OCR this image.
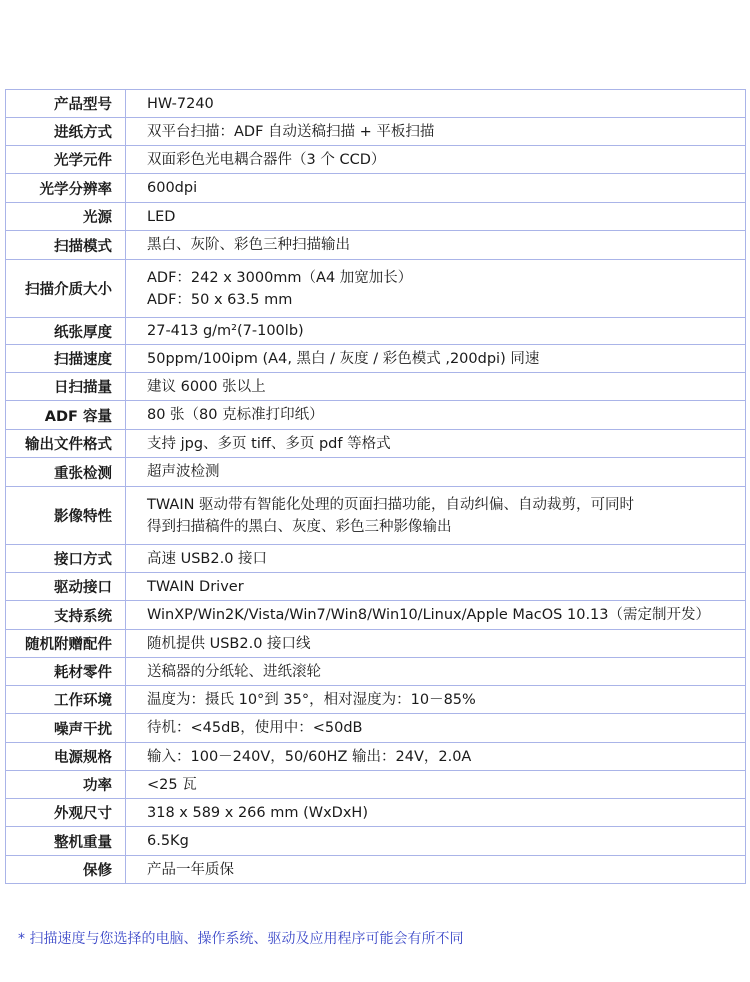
产品型号	HW-7240

进纸方式	双平台扫描：ADF 自动送稿扫描 + 平板扫描

光学元件	双面彩色光电耦合器件（3 个 CCD）

光学分辨率	600dpi

光源	LED

扫描模式	黑白、灰阶、彩色三种扫描输出

扫描介质大小	ADF：242 x 3000mm（A4 加宽加长）
ADF：50 x 63.5 mm

纸张厚度	27-413 g/m²(7-100lb)

扫描速度	50ppm/100ipm (A4, 黑白 / 灰度 / 彩色模式 ,200dpi) 同速

日扫描量	建议 6000 张以上

ADF 容量	80 张（80 克标准打印纸）

输出文件格式	支持 jpg、多页 tiff、多页 pdf 等格式

重张检测	超声波检测

影像特性	TWAIN 驱动带有智能化处理的页面扫描功能，自动纠偏、自动裁剪，可同时
得到扫描稿件的黑白、灰度、彩色三种影像输出

接口方式	高速 USB2.0 接口

驱动接口	TWAIN Driver

支持系统	WinXP/Win2K/Vista/Win7/Win8/Win10/Linux/Apple MacOS 10.13（需定制开发）

随机附赠配件	随机提供 USB2.0 接口线

耗材零件	送稿器的分纸轮、进纸滚轮

工作环境	温度为：摄氏 10°到 35°，相对湿度为：10－85%

噪声干扰	待机：<45dB，使用中：<50dB

电源规格	输入：100－240V，50/60HZ 输出：24V，2.0A

功率	<25 瓦

外观尺寸	318 x 589 x 266 mm (WxDxH)

整机重量	6.5Kg

保修	产品一年质保
* 扫描速度与您选择的电脑、操作系统、驱动及应用程序可能会有所不同
